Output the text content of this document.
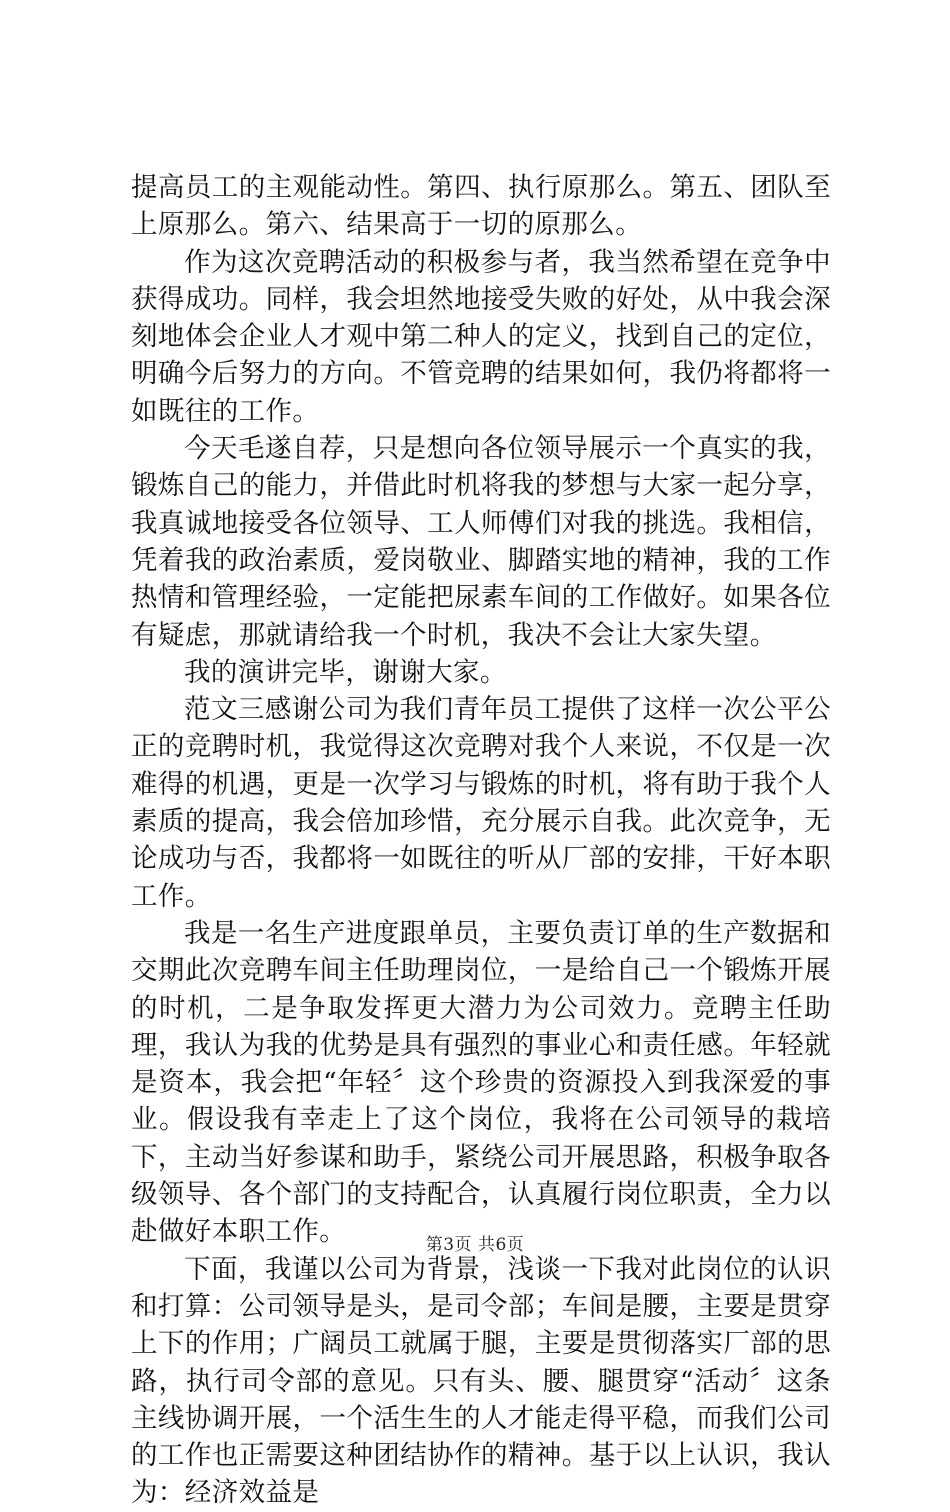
提高员工的主观能动性。第四、执行原那么。第五、团队至上原那么。第六、结果高于一切的原那么。

作为这次竞聘活动的积极参与者，我当然希望在竞争中获得成功。同样，我会坦然地接受失败的好处，从中我会深刻地体会企业人才观中第二种人的定义，找到自己的定位，明确今后努力的方向。不管竞聘的结果如何，我仍将都将一如既往的工作。

今天毛遂自荐，只是想向各位领导展示一个真实的我，锻炼自己的能力，并借此时机将我的梦想与大家一起分享，我真诚地接受各位领导、工人师傅们对我的挑选。我相信，凭着我的政治素质，爱岗敬业、脚踏实地的精神，我的工作热情和管理经验，一定能把尿素车间的工作做好。如果各位有疑虑，那就请给我一个时机，我决不会让大家失望。

我的演讲完毕，谢谢大家。

范文三感谢公司为我们青年员工提供了这样一次公平公正的竞聘时机，我觉得这次竞聘对我个人来说，不仅是一次难得的机遇，更是一次学习与锻炼的时机，将有助于我个人素质的提高，我会倍加珍惜，充分展示自我。此次竞争，无论成功与否，我都将一如既往的听从厂部的安排，干好本职工作。

我是一名生产进度跟单员，主要负责订单的生产数据和交期此次竞聘车间主任助理岗位，一是给自己一个锻炼开展的时机，二是争取发挥更大潜力为公司效力。竞聘主任助理，我认为我的优势是具有强烈的事业心和责任感。年轻就是资本，我会把“年轻〞这个珍贵的资源投入到我深爱的事业。假设我有幸走上了这个岗位，我将在公司领导的栽培下，主动当好参谋和助手，紧绕公司开展思路，积极争取各级领导、各个部门的支持配合，认真履行岗位职责，全力以赴做好本职工作。

下面，我谨以公司为背景，浅谈一下我对此岗位的认识和打算：公司领导是头，是司令部；车间是腰，主要是贯穿上下的作用；广阔员工就属于腿，主要是贯彻落实厂部的思路，执行司令部的意见。只有头、腰、腿贯穿“活动〞这条主线协调开展，一个活生生的人才能走得平稳，而我们公司的工作也正需要这种团结协作的精神。基于以上认识，我认为：经济效益是

第3页 共6页
